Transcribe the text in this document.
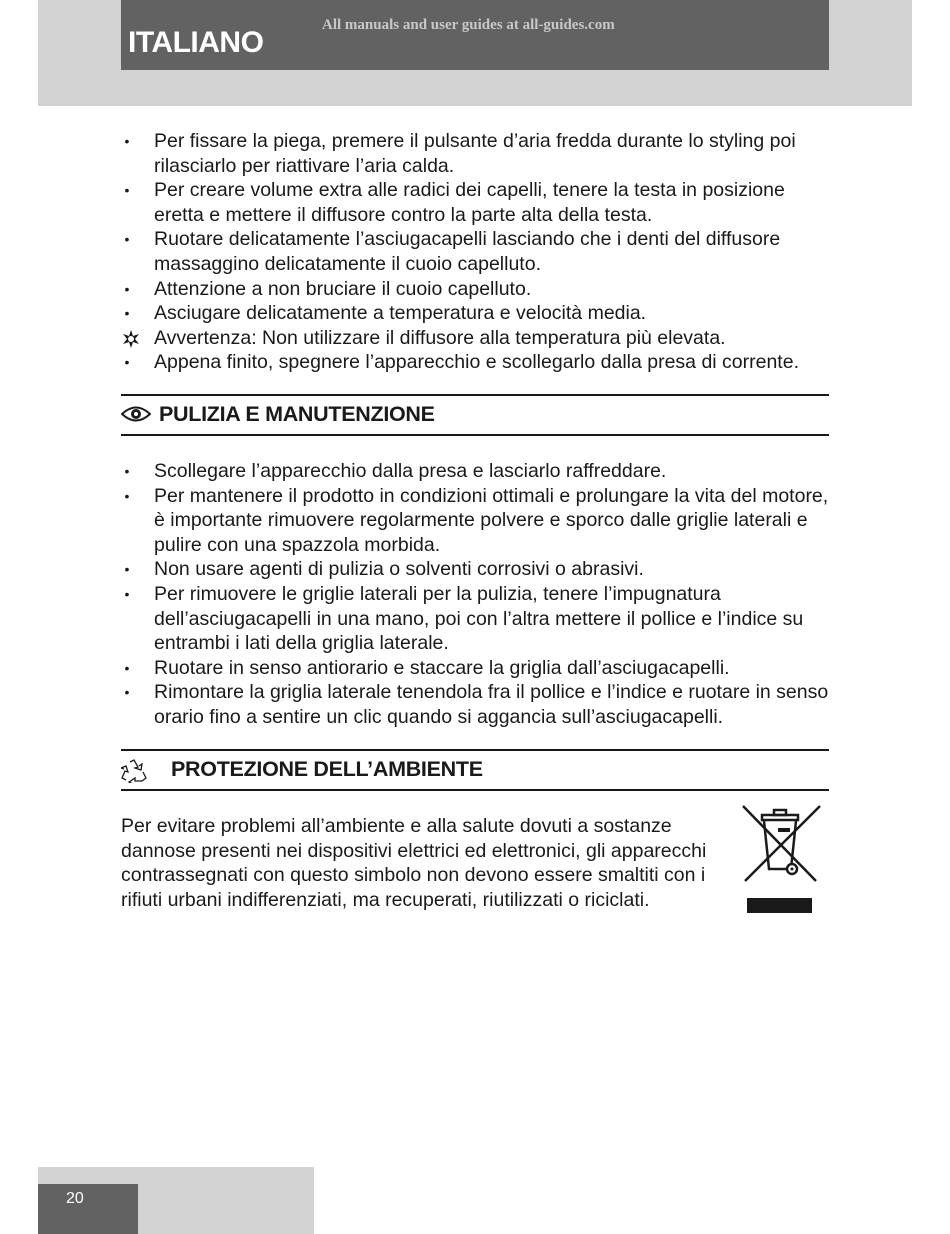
ITALIANO
All manuals and user guides at all-guides.com
• Per fissare la piega, premere il pulsante d’aria fredda durante lo styling poi rilasciarlo per riattivare l’aria calda.
• Per creare volume extra alle radici dei capelli, tenere la testa in posizione eretta e mettere il diffusore contro la parte alta della testa.
• Ruotare delicatamente l’asciugacapelli lasciando che i denti del diffusore massaggino delicatamente il cuoio capelluto.
• Attenzione a non bruciare il cuoio capelluto.
• Asciugare delicatamente a temperatura e velocità media.
Avvertenza: Non utilizzare il diffusore alla temperatura più elevata.
• Appena finito, spegnere l’apparecchio e scollegarlo dalla presa di corrente.
PULIZIA E MANUTENZIONE
• Scollegare l’apparecchio dalla presa e lasciarlo raffreddare.
• Per mantenere il prodotto in condizioni ottimali e prolungare la vita del motore, è importante rimuovere regolarmente polvere e sporco dalle griglie laterali e pulire con una spazzola morbida.
• Non usare agenti di pulizia o solventi corrosivi o abrasivi.
• Per rimuovere le griglie laterali per la pulizia, tenere l’impugnatura dell’asciugacapelli in una mano, poi con l’altra mettere il pollice e l’indice su entrambi i lati della griglia laterale.
• Ruotare in senso antiorario e staccare la griglia dall’asciugacapelli.
• Rimontare la griglia laterale tenendola fra il pollice e l’indice e ruotare in senso orario fino a sentire un clic quando si aggancia sull’asciugacapelli.
PROTEZIONE DELL’AMBIENTE
Per evitare problemi all’ambiente e alla salute dovuti a sostanze dannose presenti nei dispositivi elettrici ed elettronici, gli apparecchi contrassegnati con questo simbolo non devono essere smaltiti con i rifiuti urbani indifferenziati, ma recuperati, riutilizzati o riciclati.
20
